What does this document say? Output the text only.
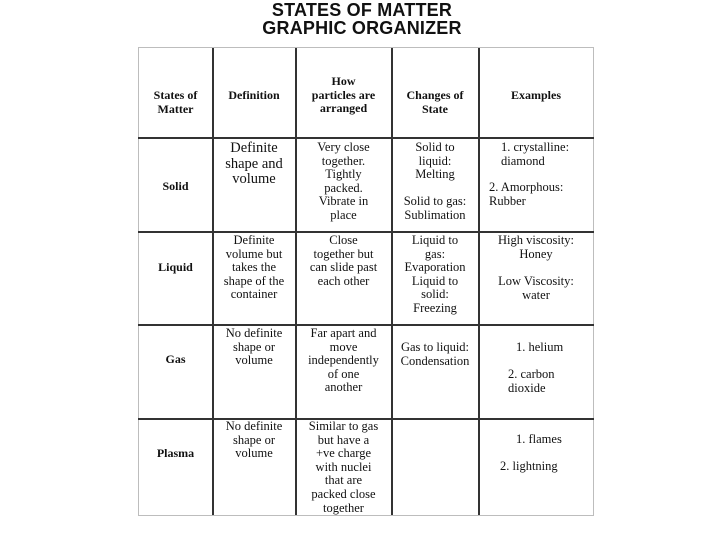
STATES OF MATTER
GRAPHIC ORGANIZER
States of
Matter
Definition
How
particles are
arranged
Changes of
State
Examples
Solid
Definite
shape and
volume
Very close
together.
Tightly
packed.
Vibrate in
place
Solid to
liquid:
Melting

Solid to gas:
Sublimation
1. crystalline:
diamond
2. Amorphous:
Rubber
Liquid
Definite
volume but
takes the
shape of the
container
Close
together but
can slide past
each other
Liquid to
gas:
Evaporation
Liquid to
solid:
Freezing
High viscosity:
Honey
Low Viscosity:
water
Gas
No definite
shape or
volume
Far apart and
move
independently
of one
another
Gas to liquid:
Condensation
1. helium
2. carbon
dioxide
Plasma
No definite
shape or
volume
Similar to gas
but have a
+ve charge
with nuclei
that are
packed close
together
1. flames
2. lightning
